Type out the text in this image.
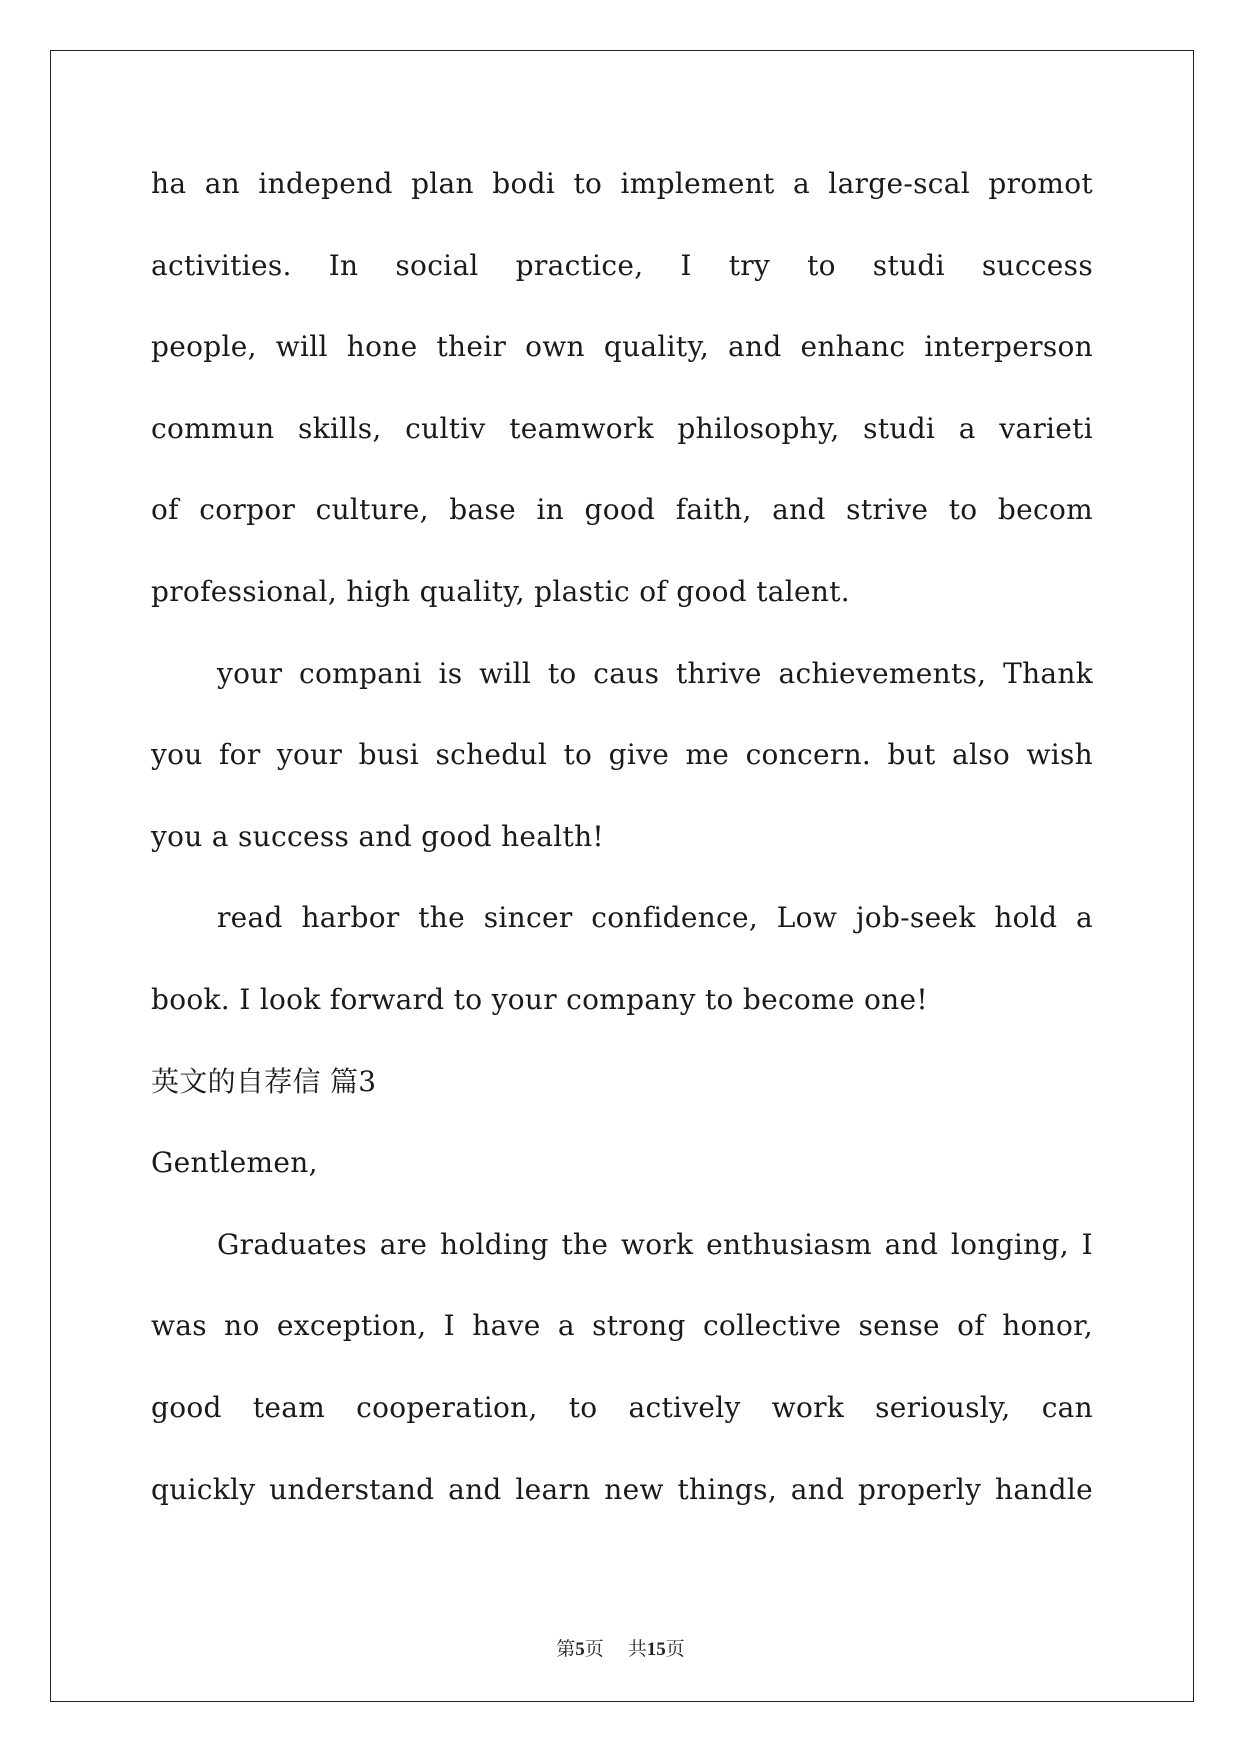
ha an independ plan bodi to implement a large-scal promot
activities. In social practice, I try to studi success
people, will hone their own quality, and enhanc interperson
commun skills, cultiv teamwork philosophy, studi a varieti
of corpor culture, base in good faith, and strive to becom
professional, high quality, plastic of good talent.
your compani is will to caus thrive achievements, Thank
you for your busi schedul to give me concern. but also wish
you a success and good health!
read harbor the sincer confidence, Low job-seek hold a
book. I look forward to your company to become one!
英文的自荐信 篇3
Gentlemen,
Graduates are holding the work enthusiasm and longing, I
was no exception, I have a strong collective sense of honor,
good team cooperation, to actively work seriously, can
quickly understand and learn new things, and properly handle
第5页 共15页
